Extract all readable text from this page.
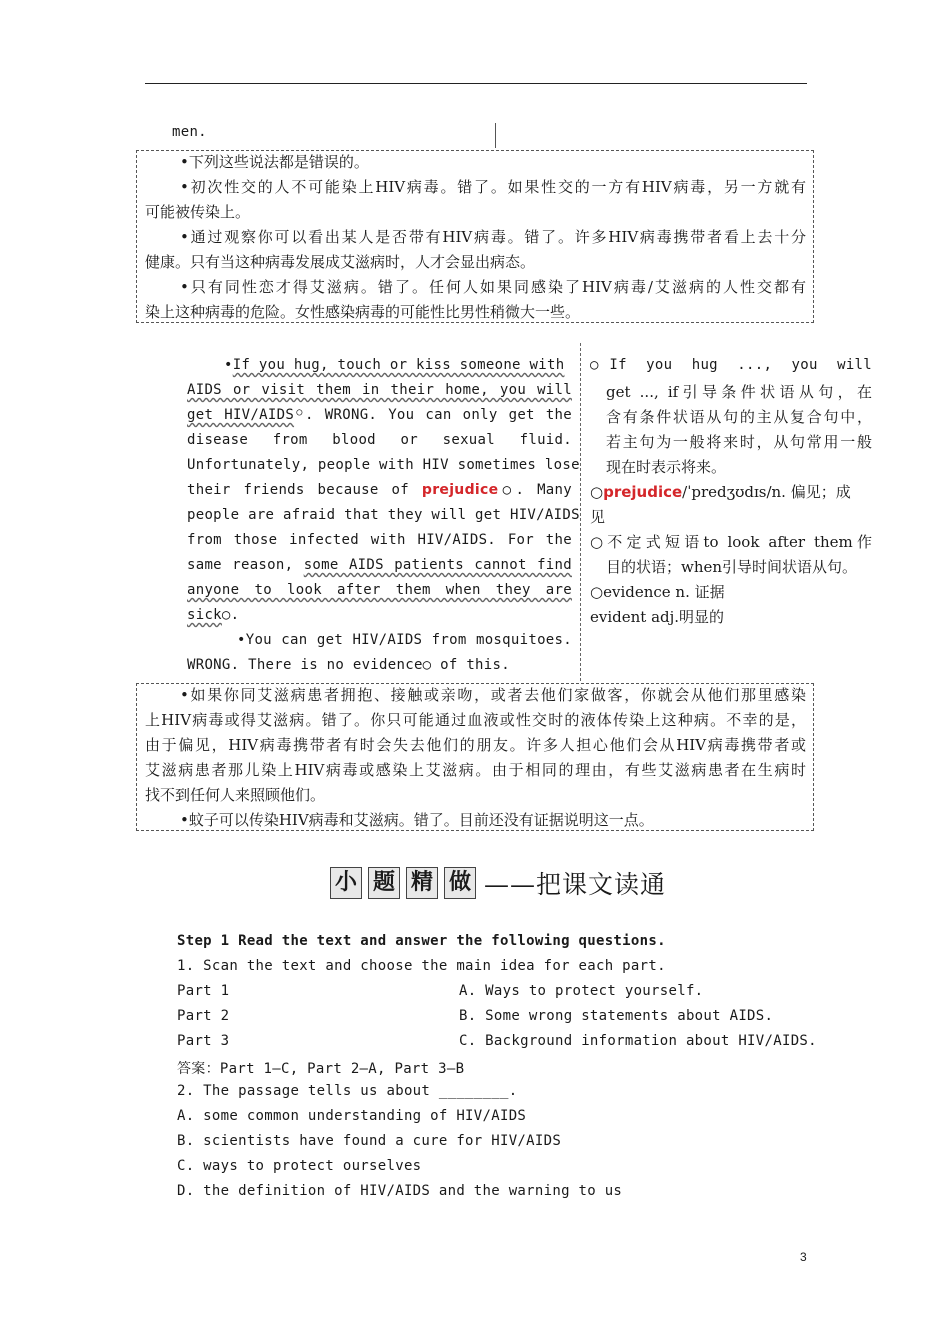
men.
•下列这些说法都是错误的。
•初次性交的人不可能染上HIV病毒。错了。如果性交的一方有HIV病毒，另一方就有
可能被传染上。
•通过观察你可以看出某人是否带有HIV病毒。错了。许多HIV病毒携带者看上去十分
健康。只有当这种病毒发展成艾滋病时，人才会显出病态。
•只有同性恋才得艾滋病。错了。任何人如果同感染了HIV病毒/艾滋病的人性交都有
染上这种病毒的危险。女性感染病毒的可能性比男性稍微大一些。
•If you hug, touch or kiss someone with
AIDS or visit them in their home, you will
get HIV/AIDS○. WRONG. You can only get the
disease from blood or sexual fluid.
Unfortunately, people with HIV sometimes lose
their friends because of prejudice○. Many
people are afraid that they will get HIV/AIDS
from those infected with HIV/AIDS. For the
same reason, some AIDS patients cannot find
anyone to look after them when they are
sick○.
•You can get HIV/AIDS from mosquitoes.
WRONG. There is no evidence○ of this.
○If you hug ..., you will
get ..., if引导条件状语从句，在
含有条件状语从句的主从复合句中，
若主句为一般将来时，从句常用一般
现在时表示将来。
○prejudice/ˈpredʒʊdɪs/n. 偏见；成
见
○不定式短语to look after them作
目的状语；when引导时间状语从句。
○evidence n. 证据
evident adj.明显的
•如果你同艾滋病患者拥抱、接触或亲吻，或者去他们家做客，你就会从他们那里感染
上HIV病毒或得艾滋病。错了。你只可能通过血液或性交时的液体传染上这种病。不幸的是，
由于偏见，HIV病毒携带者有时会失去他们的朋友。许多人担心他们会从HIV病毒携带者或
艾滋病患者那儿染上HIV病毒或感染上艾滋病。由于相同的理由，有些艾滋病患者在生病时
找不到任何人来照顾他们。
•蚊子可以传染HIV病毒和艾滋病。错了。目前还没有证据说明这一点。
小 题 精 做 ——把课文读通
Step 1 Read the text and answer the following questions.
1. Scan the text and choose the main idea for each part.
Part 1	A. Ways to protect yourself.
Part 2	B. Some wrong statements about AIDS.
Part 3	C. Background information about HIV/AIDS.
答案：Part 1—C, Part 2—A, Part 3—B
2. The passage tells us about ________.
A. some common understanding of HIV/AIDS
B. scientists have found a cure for HIV/AIDS
C. ways to protect ourselves
D. the definition of HIV/AIDS and the warning to us
3
